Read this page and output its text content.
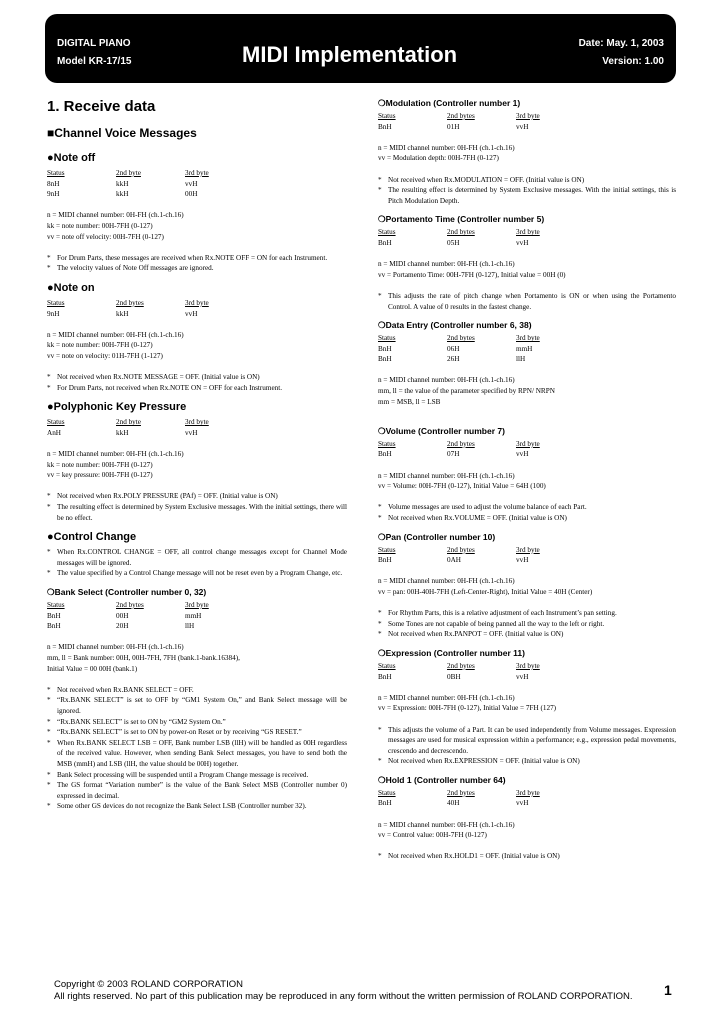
DIGITAL PIANO
Model KR-17/15	MIDI Implementation	Date: May. 1, 2003
Version: 1.00
1. Receive data
■Channel Voice Messages
●Note off
Status	2nd byte	3rd byte
8nH	kkH	vvH
9nH	kkH	00H
n = MIDI channel number: 0H-FH (ch.1-ch.16)
kk = note number: 00H-7FH (0-127)
vv = note off velocity: 00H-7FH (0-127)
* For Drum Parts, these messages are received when Rx.NOTE OFF = ON for each Instrument.
* The velocity values of Note Off messages are ignored.
●Note on
Status	2nd bytes	3rd byte
9nH	kkH	vvH
n = MIDI channel number: 0H-FH (ch.1-ch.16)
kk = note number: 00H-7FH (0-127)
vv = note on velocity: 01H-7FH (1-127)
* Not received when Rx.NOTE MESSAGE = OFF. (Initial value is ON)
* For Drum Parts, not received when Rx.NOTE ON = OFF for each Instrument.
●Polyphonic Key Pressure
Status	2nd byte	3rd byte
AnH	kkH	vvH
n = MIDI channel number: 0H-FH (ch.1-ch.16)
kk = note number: 00H-7FH (0-127)
vv = key pressure: 00H-7FH (0-127)
* Not received when Rx.POLY PRESSURE (PAf) = OFF. (Initial value is ON)
* The resulting effect is determined by System Exclusive messages. With the initial settings, there will be no effect.
●Control Change
* When Rx.CONTROL CHANGE = OFF, all control change messages except for Channel Mode messages will be ignored.
* The value specified by a Control Change message will not be reset even by a Program Change, etc.
❍Bank Select (Controller number 0, 32)
Status	2nd bytes	3rd byte
BnH	00H	mmH
BnH	20H	llH
n = MIDI channel number: 0H-FH (ch.1-ch.16)
mm, ll = Bank number: 00H, 00H-7FH, 7FH (bank.1-bank.16384),
Initial Value = 00 00H (bank.1)
* Not received when Rx.BANK SELECT = OFF.
* “Rx.BANK SELECT” is set to OFF by “GM1 System On,” and Bank Select message will be ignored.
* “Rx.BANK SELECT” is set to ON by “GM2 System On.”
* “Rx.BANK SELECT” is set to ON by power-on Reset or by receiving “GS RESET.”
* When Rx.BANK SELECT LSB = OFF, Bank number LSB (llH) will be handled as 00H regardless of the received value. However, when sending Bank Select messages, you have to send both the MSB (mmH) and LSB (llH, the value should be 00H) together.
* Bank Select processing will be suspended until a Program Change message is received.
* The GS format “Variation number” is the value of the Bank Select MSB (Controller number 0) expressed in decimal.
* Some other GS devices do not recognize the Bank Select LSB (Controller number 32).
❍Modulation (Controller number 1)
Status	2nd bytes	3rd byte
BnH	01H	vvH
n = MIDI channel number: 0H-FH (ch.1-ch.16)
vv = Modulation depth: 00H-7FH (0-127)
* Not received when Rx.MODULATION = OFF. (Initial value is ON)
* The resulting effect is determined by System Exclusive messages. With the initial settings, this is Pitch Modulation Depth.
❍Portamento Time (Controller number 5)
Status	2nd bytes	3rd byte
BnH	05H	vvH
n = MIDI channel number: 0H-FH (ch.1-ch.16)
vv = Portamento Time: 00H-7FH (0-127), Initial value = 00H (0)
* This adjusts the rate of pitch change when Portamento is ON or when using the Portamento Control. A value of 0 results in the fastest change.
❍Data Entry (Controller number 6, 38)
Status	2nd bytes	3rd byte
BnH	06H	mmH
BnH	26H	llH
n = MIDI channel number: 0H-FH (ch.1-ch.16)
mm, ll = the value of the parameter specified by RPN/ NRPN
mm = MSB, ll = LSB
❍Volume (Controller number 7)
Status	2nd bytes	3rd byte
BnH	07H	vvH
n = MIDI channel number: 0H-FH (ch.1-ch.16)
vv = Volume: 00H-7FH (0-127), Initial Value = 64H (100)
* Volume messages are used to adjust the volume balance of each Part.
* Not received when Rx.VOLUME = OFF. (Initial value is ON)
❍Pan (Controller number 10)
Status	2nd bytes	3rd byte
BnH	0AH	vvH
n = MIDI channel number: 0H-FH (ch.1-ch.16)
vv = pan: 00H-40H-7FH (Left-Center-Right), Initial Value = 40H (Center)
* For Rhythm Parts, this is a relative adjustment of each Instrument’s pan setting.
* Some Tones are not capable of being panned all the way to the left or right.
* Not received when Rx.PANPOT = OFF. (Initial value is ON)
❍Expression (Controller number 11)
Status	2nd bytes	3rd byte
BnH	0BH	vvH
n = MIDI channel number: 0H-FH (ch.1-ch.16)
vv = Expression: 00H-7FH (0-127), Initial Value = 7FH (127)
* This adjusts the volume of a Part. It can be used independently from Volume messages. Expression messages are used for musical expression within a performance; e.g., expression pedal movements, crescendo and decrescendo.
* Not received when Rx.EXPRESSION = OFF. (Initial value is ON)
❍Hold 1 (Controller number 64)
Status	2nd bytes	3rd byte
BnH	40H	vvH
n = MIDI channel number: 0H-FH (ch.1-ch.16)
vv = Control value: 00H-7FH (0-127)
* Not received when Rx.HOLD1 = OFF. (Initial value is ON)
Copyright © 2003 ROLAND CORPORATION
All rights reserved. No part of this publication may be reproduced in any form without the written permission of ROLAND CORPORATION. 1
